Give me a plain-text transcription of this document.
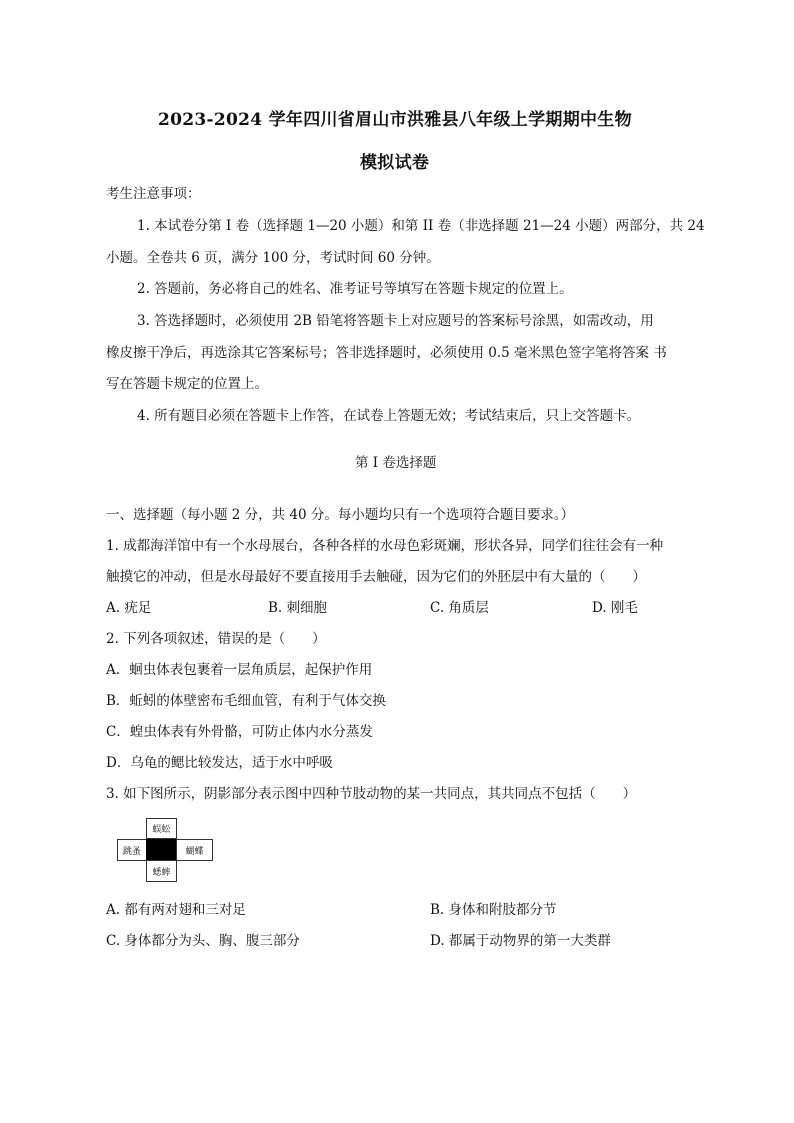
2023-2024 学年四川省眉山市洪雅县八年级上学期期中生物
模拟试卷
考生注意事项：
1. 本试卷分第 I 卷（选择题 1—20 小题）和第 II 卷（非选择题 21—24 小题）两部分，共 24
小题。全卷共 6 页，满分 100 分，考试时间 60 分钟。
2. 答题前，务必将自己的姓名、准考证号等填写在答题卡规定的位置上。
3. 答选择题时，必须使用 2B 铅笔将答题卡上对应题号的答案标号涂黑，如需改动，用
橡皮擦干净后，再选涂其它答案标号；答非选择题时，必须使用 0.5 毫米黑色签字笔将答案 书
写在答题卡规定的位置上。
4. 所有题目必须在答题卡上作答，在试卷上答题无效；考试结束后，只上交答题卡。
第 I 卷选择题
一、选择题（每小题 2 分，共 40 分。每小题均只有一个选项符合题目要求。）
1. 成都海洋馆中有一个水母展台，各种各样的水母色彩斑斓，形状各异，同学们往往会有一种
触摸它的冲动，但是水母最好不要直接用手去触碰，因为它们的外胚层中有大量的（　　）
A. 疣足	B. 刺细胞	C. 角质层	D. 刚毛
2. 下列各项叙述，错误的是（　　）
A．蛔虫体表包裹着一层角质层，起保护作用
B．蚯蚓的体壁密布毛细血管，有利于气体交换
C．蝗虫体表有外骨骼，可防止体内水分蒸发
D．乌龟的鳃比较发达，适于水中呼吸
3. 如下图所示，阴影部分表示图中四种节肢动物的某一共同点，其共同点不包括（　　）
蜈蚣
跳蚤	蝴蝶
蟋蟀
A. 都有两对翅和三对足	B. 身体和附肢都分节
C. 身体都分为头、胸、腹三部分	D. 都属于动物界的第一大类群
